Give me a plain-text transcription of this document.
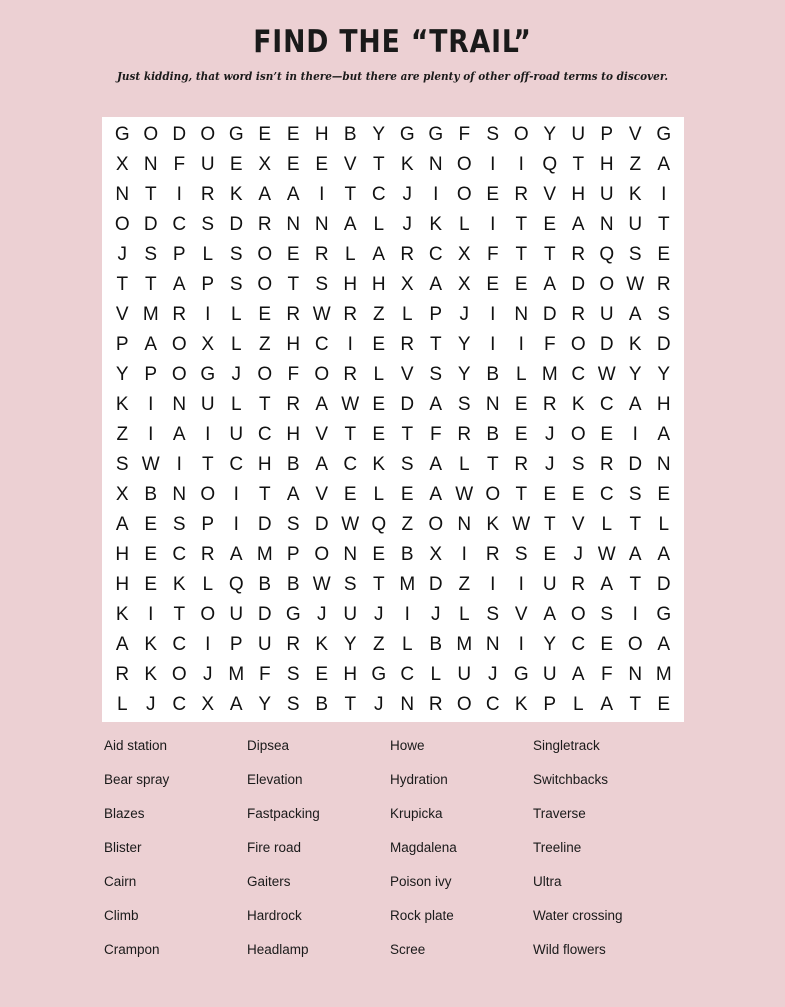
FIND THE “TRAIL”

Just kidding, that word isn’t in there—but there are plenty of other off-road terms to discover.

G O D O G E E H B Y G G F S O Y U P V G
X N F U E X E E V T K N O I	I Q T H Z A
N T	I R K A A	I	T C J	I O E R V H U K	I
O D C S D R N N A L J K L	I	T E A N U T
J S P L S O E R L A R C X F T T R Q S E
T T A P S O T S H H X A X E E A D O W R
V M R	I	L E R W R Z L P J	I N D R U A S
P A O X L Z H C	I	E R T Y	I	I	F O D K D
Y P O G J O F O R L V S Y B L M C W Y Y
K	I N U L T R A W E D A S N E R K C A H
Z	I	A	I U C H V T E T F R B E J O E	I	A
S W I	T C H B A C K S A L T R J S R D N
X B N O I	T A V E L E A W O T E E C S E
A E S P	I D S D W Q Z O N K W T V L T L
H E C R A M P O N E B X	I R S E J W A A
H E K L Q B B W S T M D Z	I	I U R A T D
K	I	T O U D G J U J	I	J L S V A O S	I G
A K C	I	P U R K Y Z L B M N	I	Y C E O A
R K O J M F S E H G C L U J G U A F N M
L J C X A Y S B T J N R O C K P L A T E
Aid station	Dipsea	Howe	Singletrack
Bear spray	Elevation	Hydration	Switchbacks
Blazes	Fastpacking	Krupicka	Traverse
Blister	Fire road	Magdalena	Treeline
Cairn	Gaiters	Poison ivy	Ultra
Climb	Hardrock	Rock plate	Water crossing
Crampon	Headlamp	Scree	Wild flowers
